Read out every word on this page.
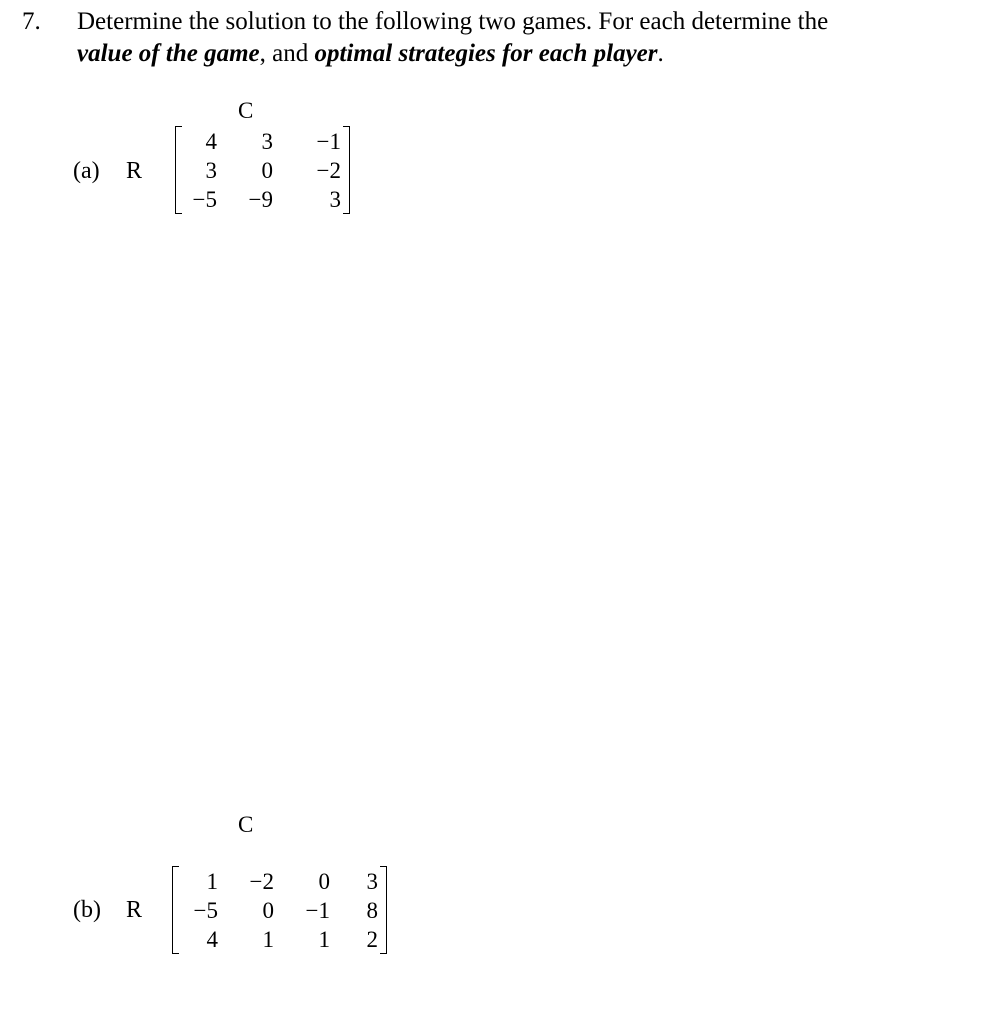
7. Determine the solution to the following two games. For each determine the
value of the game, and optimal strategies for each player.
C
(a) R
4	3	−1
3	0	−2
−5	−9	3
C
(b) R
1	−2	0	3
−5	0	−1	8
4	1	1	2
